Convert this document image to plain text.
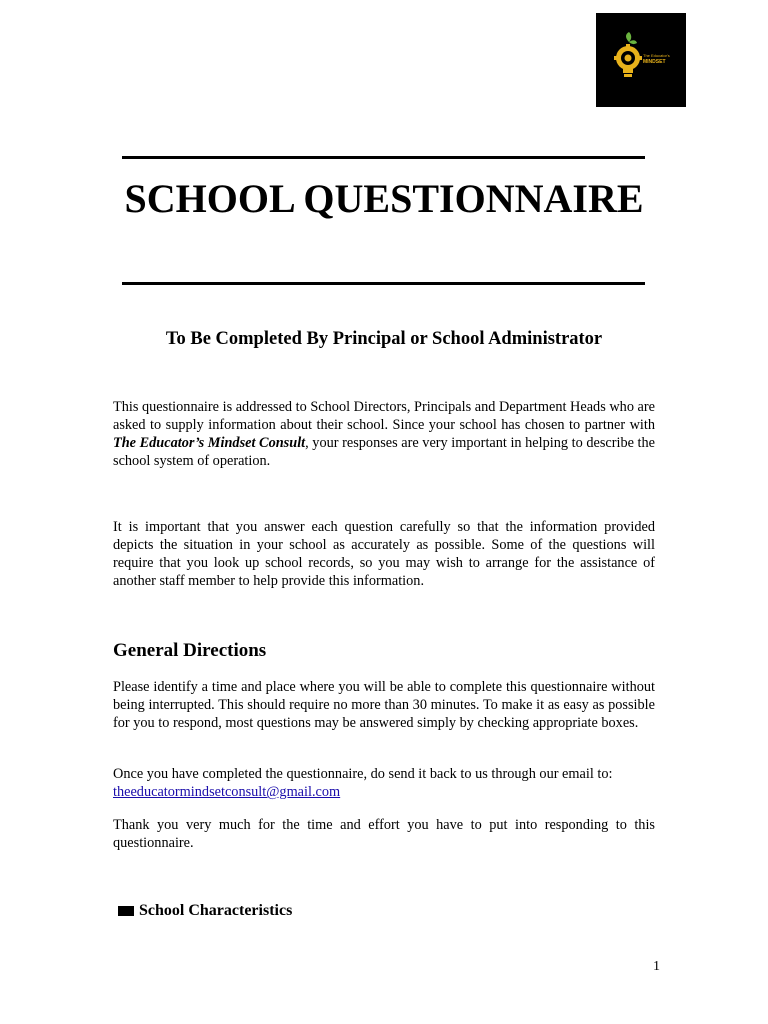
The Educator's
MINDSET
SCHOOL QUESTIONNAIRE
To Be Completed By Principal or School Administrator

This questionnaire is addressed to School Directors, Principals and Department Heads who are asked to supply information about their school. Since your school has chosen to partner with The Educator’s Mindset Consult, your responses are very important in helping to describe the school system of operation.

It is important that you answer each question carefully so that the information provided depicts the situation in your school as accurately as possible. Some of the questions will require that you look up school records, so you may wish to arrange for the assistance of another staff member to help provide this information.

General Directions

Please identify a time and place where you will be able to complete this questionnaire without being interrupted. This should require no more than 30 minutes. To make it as easy as possible for you to respond, most questions may be answered simply by checking appropriate boxes.

Once you have completed the questionnaire, do send it back to us through our email to:
theeducatormindsetconsult@gmail.com

Thank you very much for the time and effort you have to put into responding to this questionnaire.

School Characteristics
1
